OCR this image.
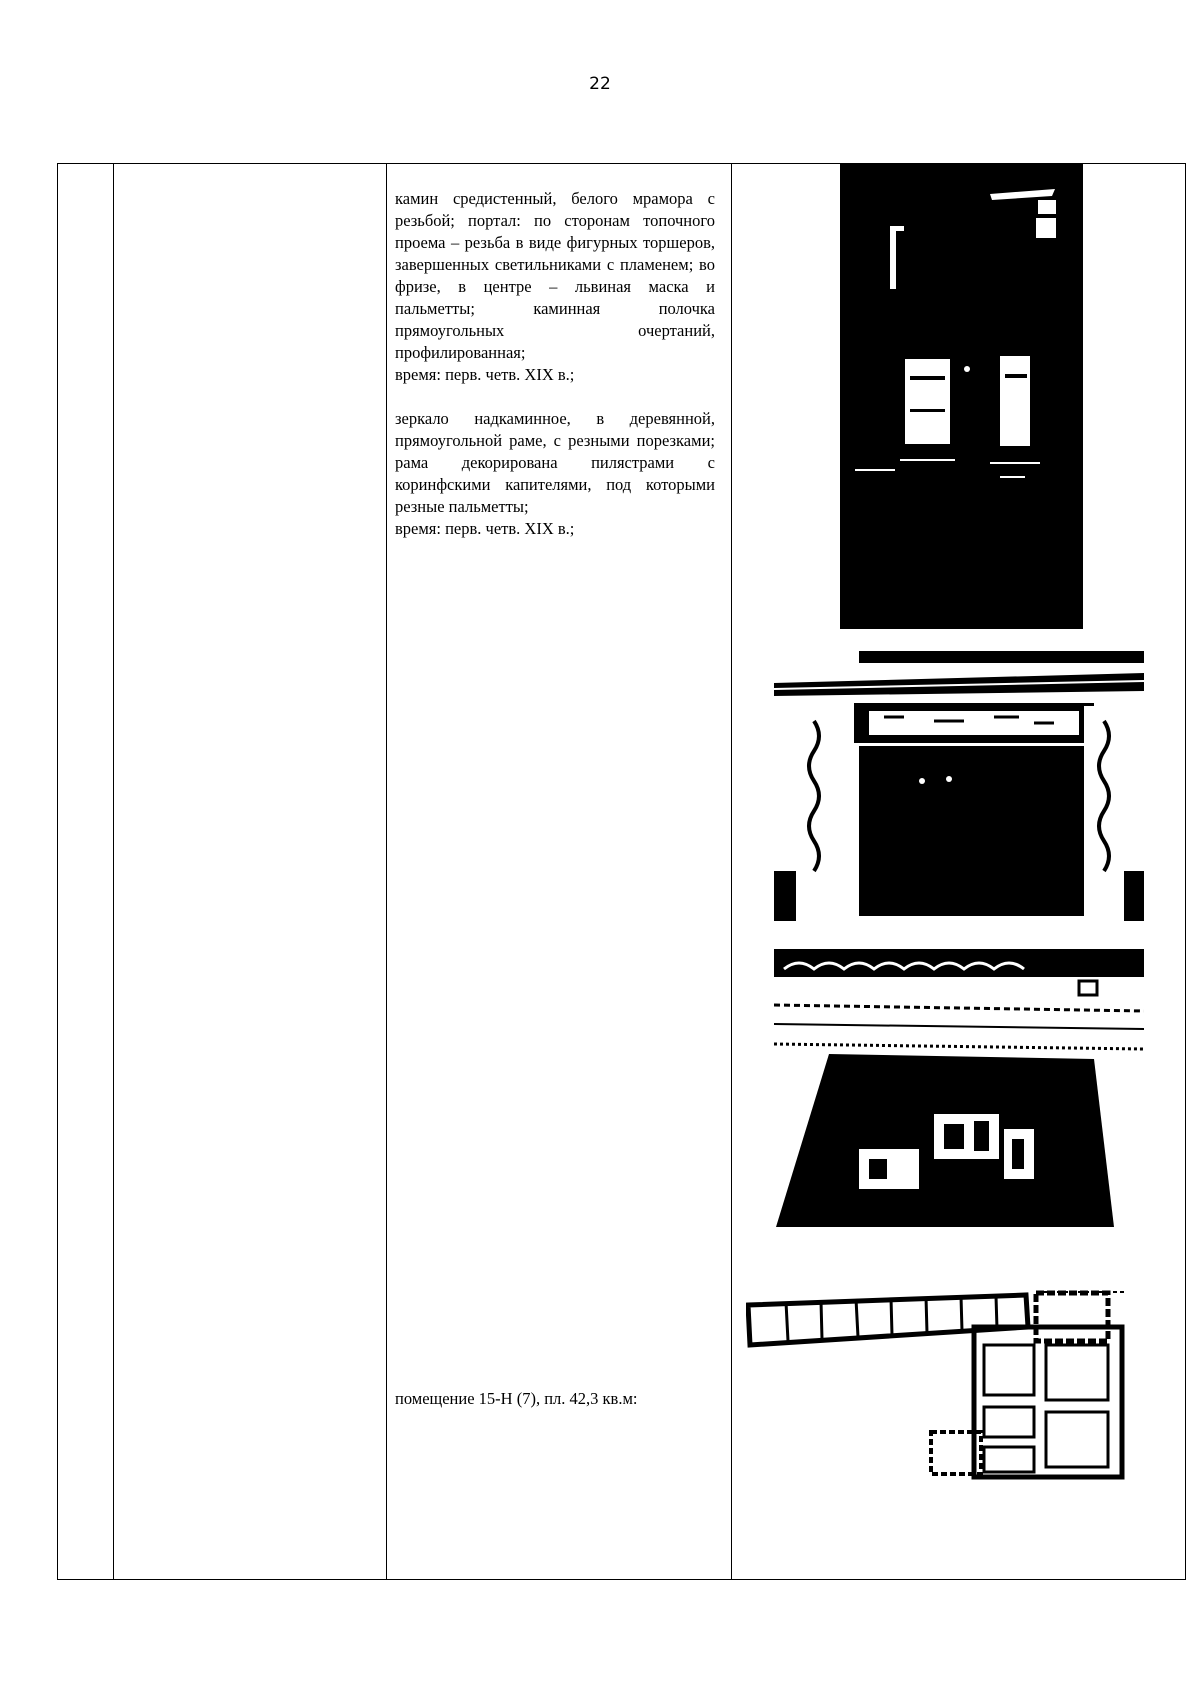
22

камин средистенный, белого мрамора с резьбой; портал: по сторонам топочного проема – резьба в виде фигурных торшеров, завершенных светильниками с пламенем; во фризе, в центре – львиная маска и пальметты; каминная полочка прямоугольных очертаний, профилированная;

время: перв. четв. XIX в.;

зеркало надкаминное, в деревянной, прямоугольной раме, с резными порезками; рама декорирована пилястрами с коринфскими капителями, под которыми резные пальметты;

время: перв. четв. XIX в.;

помещение 15-Н (7), пл. 42,3 кв.м:
